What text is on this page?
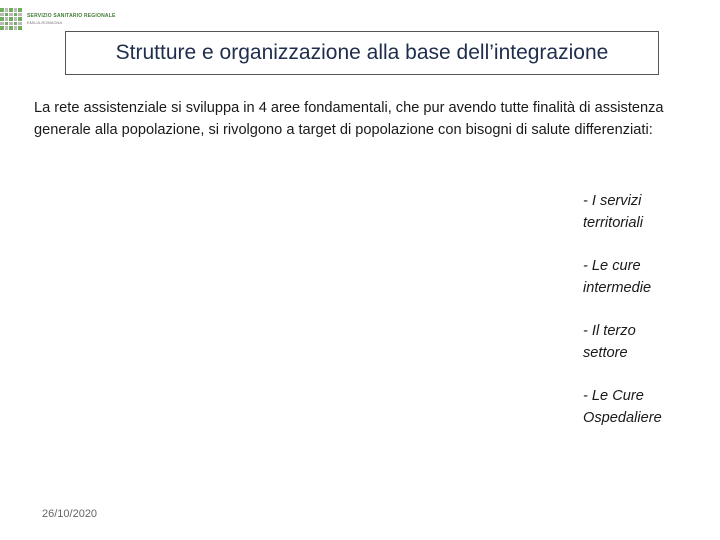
SERVIZIO SANITARIO REGIONALE
EMILIA-ROMAGNA
Strutture e organizzazione alla base dell’integrazione

La rete assistenziale si sviluppa in 4 aree fondamentali, che pur avendo tutte finalità di assistenza generale alla popolazione, si rivolgono a target di popolazione con bisogni di salute differenziati:

- I servizi
territoriali
- Le cure
intermedie
- Il terzo
settore
- Le Cure
Ospedaliere
26/10/2020
